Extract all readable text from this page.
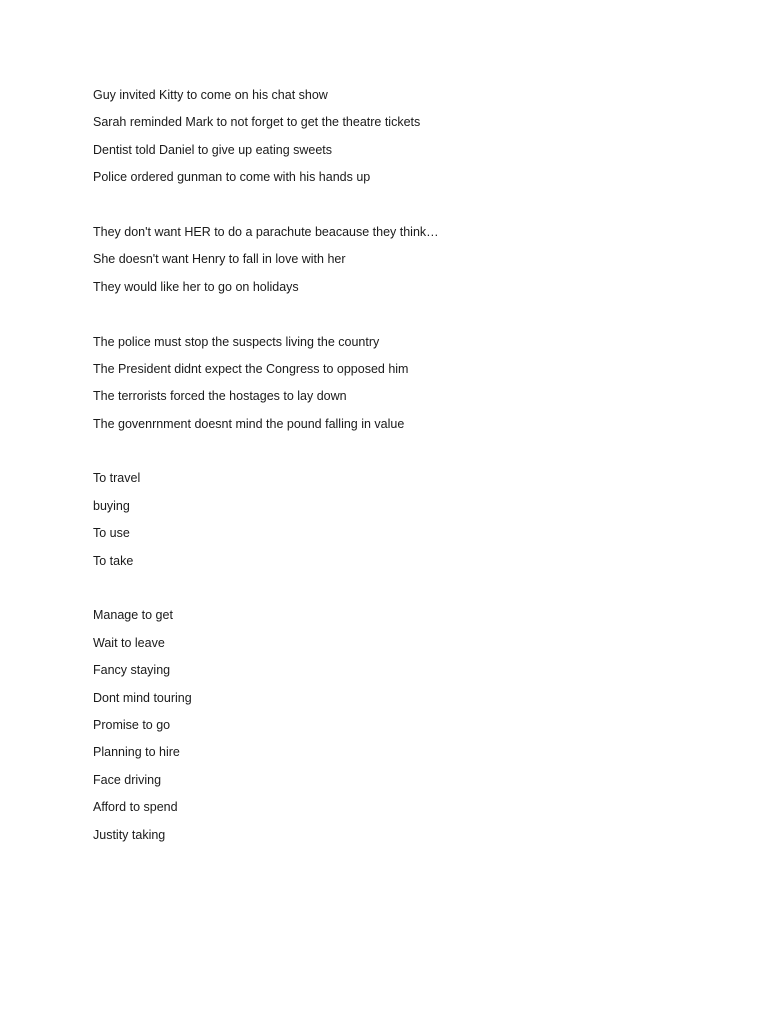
Guy invited Kitty to come on his chat show
Sarah reminded Mark to not forget to get the theatre tickets
Dentist told Daniel to give up eating sweets
Police ordered gunman to come with his hands up
They don't want HER to do a parachute beacause they think…
She doesn't want Henry to fall in love with her
They would like her to go on holidays
The police must stop the suspects living the country
The President didnt expect the Congress to opposed him
The terrorists forced the hostages to lay down
The govenrnment doesnt mind the pound falling in value
To travel
buying
To use
To take
Manage to get
Wait to leave
Fancy staying
Dont mind touring
Promise to go
Planning to hire
Face driving
Afford to spend
Justity taking
